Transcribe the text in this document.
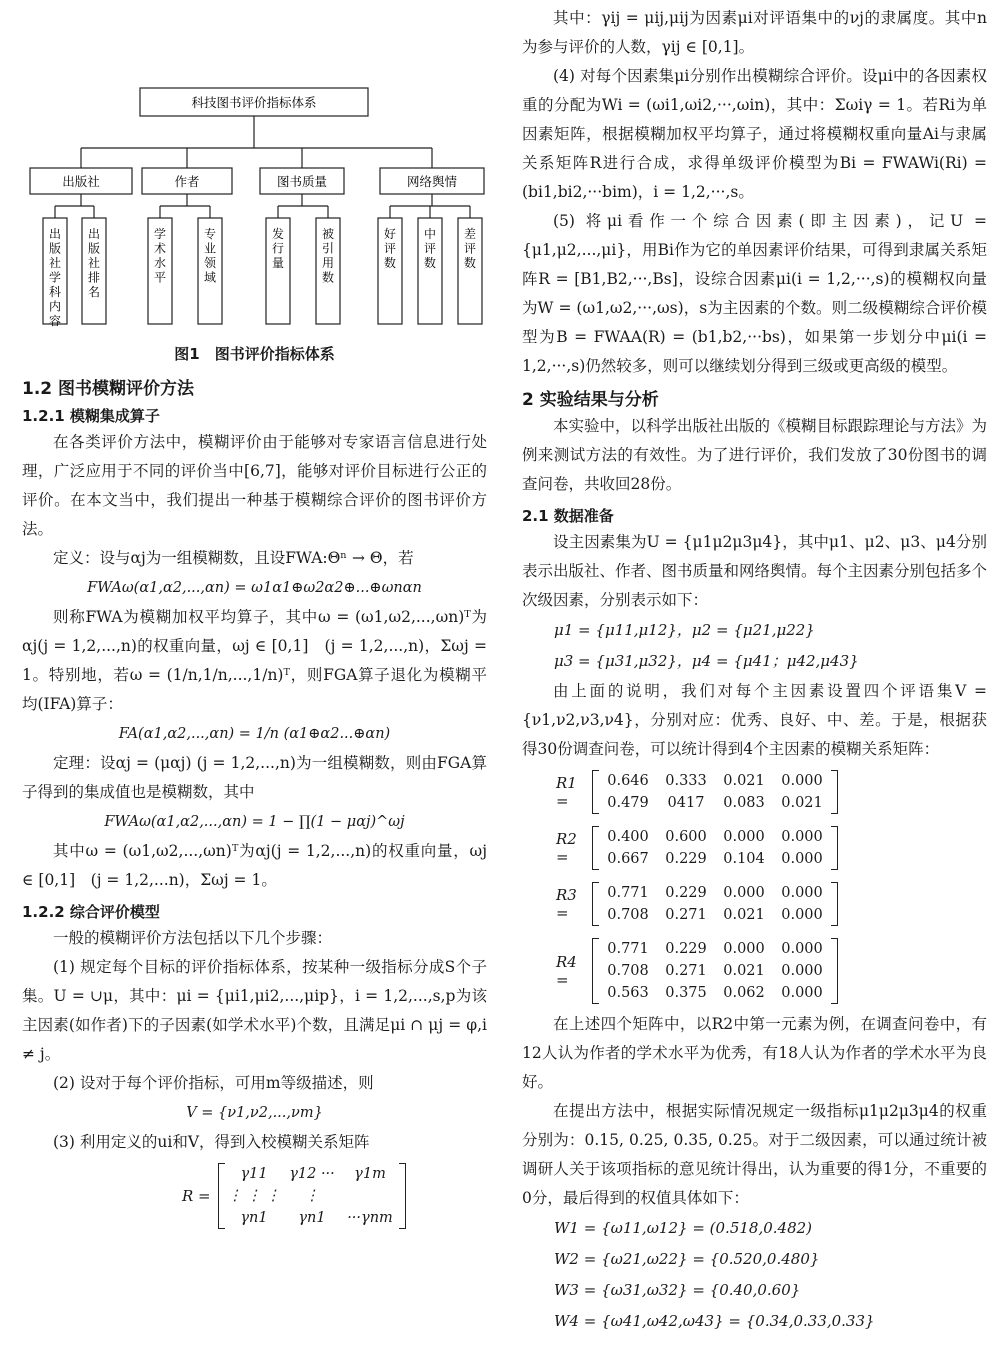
出版社
出版社学科内容
出版社排名
作者
学术水平
专业领域
图书质量
发行量
被引用数
网络舆情
好评数
中评数
差评数
科技图书评价指标体系
图1　图书评价指标体系
1.2 图书模糊评价方法
1.2.1 模糊集成算子

在各类评价方法中，模糊评价由于能够对专家语言信息进行处理，广泛应用于不同的评价当中[6,7]，能够对评价目标进行公正的评价。在本文当中，我们提出一种基于模糊综合评价的图书评价方法。

定义：设与αj为一组模糊数，且设FWA:Θⁿ → Θ，若

FWAω(α1,α2,...,αn) = ω1α1⊕ω2α2⊕...⊕ωnαn

则称FWA为模糊加权平均算子，其中ω = (ω1,ω2,...,ωn)ᵀ为αj(j = 1,2,...,n)的权重向量，ωj ∈ [0,1]　(j = 1,2,...,n)，Σωj = 1。特别地，若ω = (1/n,1/n,...,1/n)ᵀ，则FGA算子退化为模糊平均(IFA)算子：

FA(α1,α2,...,αn) = 1/n (α1⊕α2...⊕αn)

定理：设αj = (μαj) (j = 1,2,...,n)为一组模糊数，则由FGA算子得到的集成值也是模糊数，其中

FWAω(α1,α2,...,αn) = 1 − ∏(1 − μαj)^ωj

其中ω = (ω1,ω2,...,ωn)ᵀ为αj(j = 1,2,...,n)的权重向量，ωj ∈ [0,1]　(j = 1,2,...n)，Σωj = 1。

1.2.2 综合评价模型

一般的模糊评价方法包括以下几个步骤：

(1) 规定每个目标的评价指标体系，按某种一级指标分成S个子集。U = ∪μ，其中：μi = {μi1,μi2,...,μip}，i = 1,2,...,s,p为该主因素(如作者)下的子因素(如学术水平)个数，且满足μi ∩ μj = φ,i ≠ j。

(2) 设对于每个评价指标，可用m等级描述，则

V = {ν1,ν2,...,νm}

(3) 利用定义的ui和V，得到入校模糊关系矩阵

R =
γ11	γ12 ···	γ1m
⋮ ⋮ ⋮	⋮
γn1	γn1	···γnm

其中：γij = μij,μij为因素μi对评语集中的νj的隶属度。其中n为参与评价的人数，γij ∈ [0,1]。

(4) 对每个因素集μi分别作出模糊综合评价。设μi中的各因素权重的分配为Wi = (ωi1,ωi2,···,ωin)，其中：Σωiγ = 1。若Ri为单因素矩阵，根据模糊加权平均算子，通过将模糊权重向量Ai与隶属关系矩阵R进行合成，求得单级评价模型为Bi = FWAWi(Ri) = (bi1,bi2,···bim)，i = 1,2,···,s。

(5) 将μi看作一个综合因素(即主因素)，记U = {μ1,μ2,...,μi}，用Bi作为它的单因素评价结果，可得到隶属关系矩阵R = [B1,B2,···,Bs]，设综合因素μi(i = 1,2,···,s)的模糊权向量为W = (ω1,ω2,···,ωs)，s为主因素的个数。则二级模糊综合评价模型为B = FWAA(R) = (b1,b2,···bs)，如果第一步划分中μi(i = 1,2,···,s)仍然较多，则可以继续划分得到三级或更高级的模型。

2 实验结果与分析

本实验中，以科学出版社出版的《模糊目标跟踪理论与方法》为例来测试方法的有效性。为了进行评价，我们发放了30份图书的调查问卷，共收回28份。

2.1 数据准备

设主因素集为U = {μ1μ2μ3μ4}，其中μ1、μ2、μ3、μ4分别表示出版社、作者、图书质量和网络舆情。每个主因素分别包括多个次级因素，分别表示如下：

μ1 = {μ11,μ12}，μ2 = {μ21,μ22}
μ3 = {μ31,μ32}，μ4 = {μ41；μ42,μ43}

由上面的说明，我们对每个主因素设置四个评语集V = {ν1,ν2,ν3,ν4}，分别对应：优秀、良好、中、差。于是，根据获得30份调查问卷，可以统计得到4个主因素的模糊关系矩阵：

R1 =
0.646	0.333	0.021	0.000
0.479	0417	0.083	0.021
R2 =
0.400	0.600	0.000	0.000
0.667	0.229	0.104	0.000
R3 =
0.771	0.229	0.000	0.000
0.708	0.271	0.021	0.000
R4 =
0.771	0.229	0.000	0.000
0.708	0.271	0.021	0.000
0.563	0.375	0.062	0.000

在上述四个矩阵中，以R2中第一元素为例，在调查问卷中，有12人认为作者的学术水平为优秀，有18人认为作者的学术水平为良好。

在提出方法中，根据实际情况规定一级指标μ1μ2μ3μ4的权重分别为：0.15, 0.25, 0.35, 0.25。对于二级因素，可以通过统计被调研人关于该项指标的意见统计得出，认为重要的得1分，不重要的0分，最后得到的权值具体如下：

W1 = {ω11,ω12} = (0.518,0.482)
W2 = {ω21,ω22} = {0.520,0.480}
W3 = {ω31,ω32} = {0.40,0.60}
W4 = {ω41,ω42,ω43} = {0.34,0.33,0.33}
